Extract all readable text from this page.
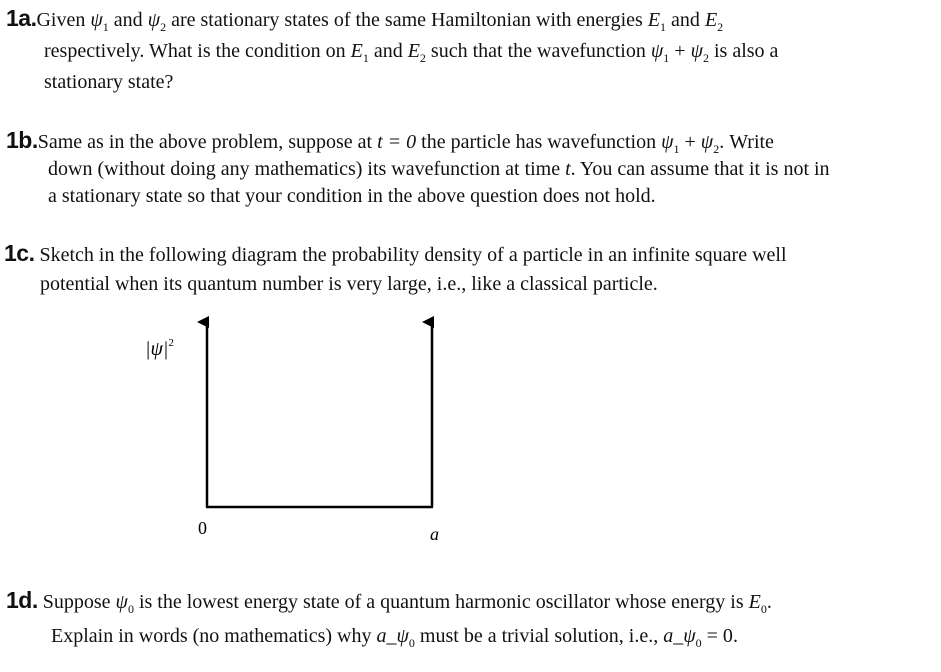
1a.Given $\psi_1$ and $\psi_2$ are stationary states of the same Hamiltonian with energies $E_1$ and $E_2$
respectively. What is the condition on $E_1$ and $E_2$ such that the wavefunction $\psi_1 + \psi_2$ is also a
stationary state?
1b.Same as in the above problem, suppose at t = 0 the particle has wavefunction $\psi_1 + \psi_2$. Write
down (without doing any mathematics) its wavefunction at time t. You can assume that it is not in
a stationary state so that your condition in the above question does not hold.
1c. Sketch in the following diagram the probability density of a particle in an infinite square well
potential when its quantum number is very large, i.e., like a classical particle.
$|\psi|^2$
0	a
1d. Suppose $\psi_0$ is the lowest energy state of a quantum harmonic oscillator whose energy is $E_0$.
Explain in words (no mathematics) why $a\_\psi_0$ must be a trivial solution, i.e., $a\_\psi_0 = 0$.
